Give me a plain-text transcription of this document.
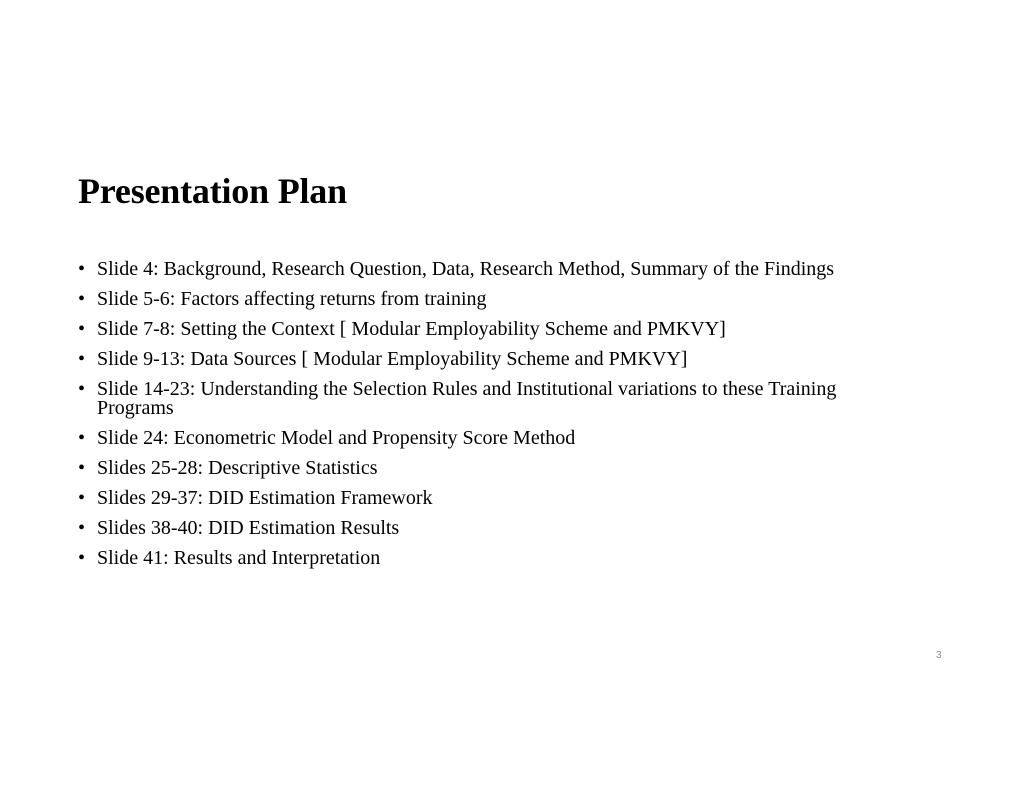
Presentation Plan
• Slide 4: Background, Research Question, Data, Research Method, Summary of the Findings
• Slide 5-6: Factors affecting returns from training
• Slide 7-8: Setting the Context [ Modular Employability Scheme and PMKVY]
• Slide 9-13: Data Sources [ Modular Employability Scheme and PMKVY]
• Slide 14-23: Understanding the Selection Rules and Institutional variations to these Training Programs
• Slide 24: Econometric Model and Propensity Score Method
• Slides 25-28: Descriptive Statistics
• Slides 29-37: DID Estimation Framework
• Slides 38-40: DID Estimation Results
• Slide 41: Results and Interpretation
3
